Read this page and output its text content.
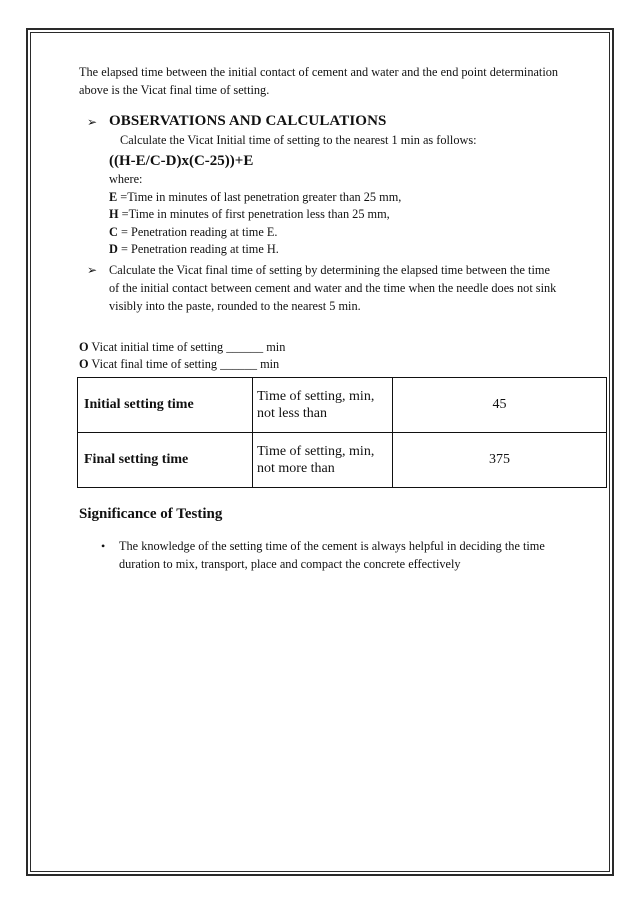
The elapsed time between the initial contact of cement and water and the end point determination above is the Vicat final time of setting.

➢ OBSERVATIONS AND CALCULATIONS

Calculate the Vicat Initial time of setting to the nearest 1 min as follows:

((H-E/C-D)x(C-25))+E

where:
E =Time in minutes of last penetration greater than 25 mm,
H =Time in minutes of first penetration less than 25 mm,
C = Penetration reading at time E.
D = Penetration reading at time H.
➢ Calculate the Vicat final time of setting by determining the elapsed time between the time of the initial contact between cement and water and the time when the needle does not sink visibly into the paste, rounded to the nearest 5 min.
O Vicat initial time of setting ______ min
O Vicat final time of setting ______ min
Initial setting time	Time of setting, min, not less than	45
Final setting time	Time of setting, min, not more than	375
Significance of Testing
•	The knowledge of the setting time of the cement is always helpful in deciding the time duration to mix, transport, place and compact the concrete effectively
